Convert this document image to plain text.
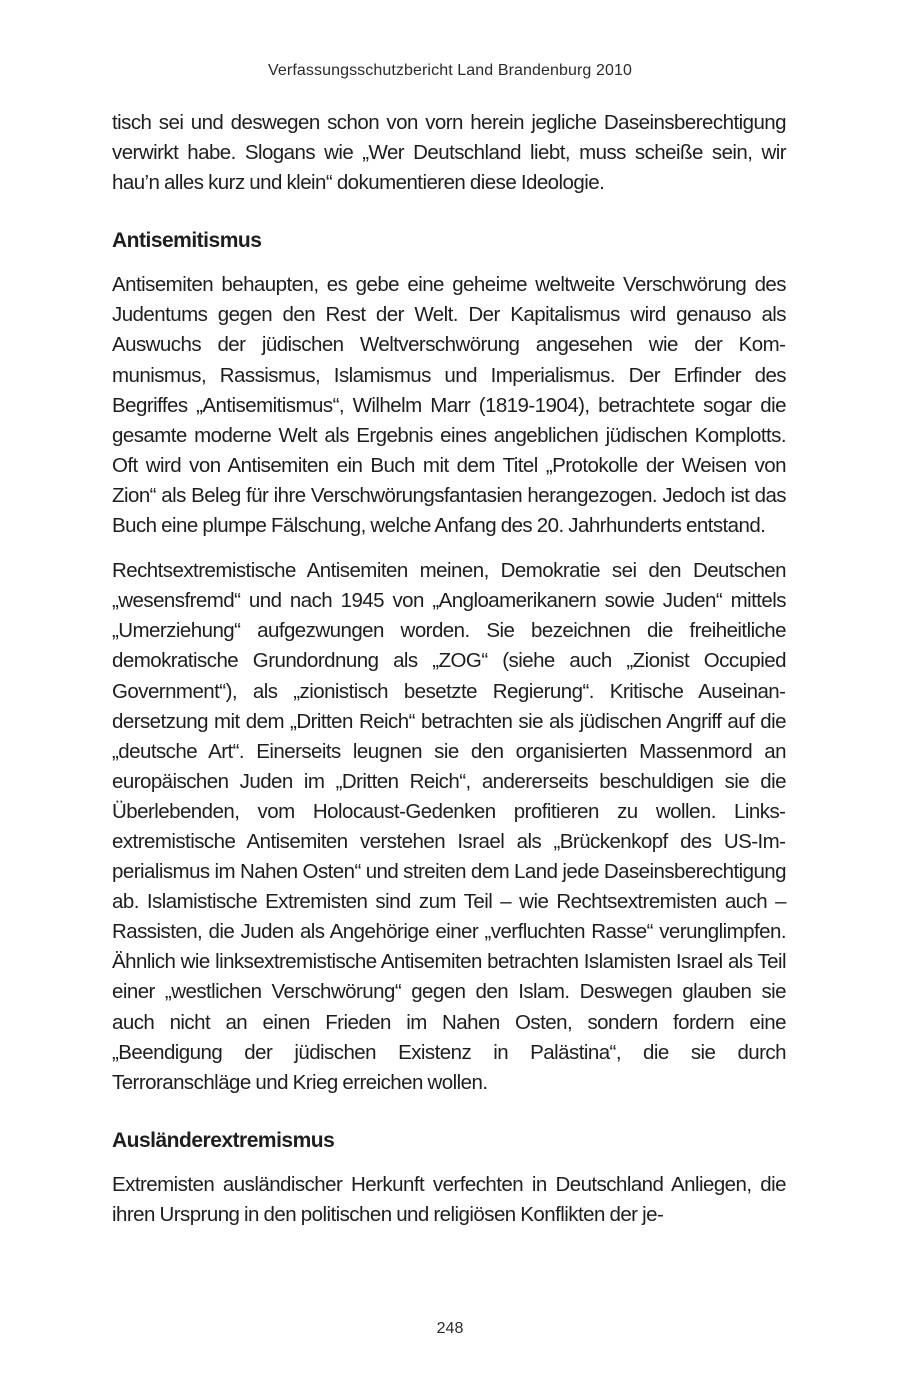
Verfassungsschutzbericht Land Brandenburg 2010

tisch sei und deswegen schon von vorn herein jegliche Daseinsberechtigung verwirkt habe. Slogans wie „Wer Deutschland liebt, muss scheiße sein, wir hau’n alles kurz und klein“ dokumentieren diese Ideologie.

Antisemitismus

Antisemiten behaupten, es gebe eine geheime weltweite Verschwörung des Judentums gegen den Rest der Welt. Der Kapitalismus wird genauso als Auswuchs der jüdischen Weltverschwörung angesehen wie der Kommunismus, Rassismus, Islamismus und Imperialismus. Der Erfinder des Begriffes „Antisemitismus“, Wilhelm Marr (1819-1904), betrachtete sogar die gesamte moderne Welt als Ergebnis eines angeblichen jüdischen Komplotts. Oft wird von Antisemiten ein Buch mit dem Titel „Protokolle der Weisen von Zion“ als Beleg für ihre Verschwörungsfantasien herangezogen. Jedoch ist das Buch eine plumpe Fälschung, welche Anfang des 20. Jahrhunderts entstand.

Rechtsextremistische Antisemiten meinen, Demokratie sei den Deutschen „wesensfremd“ und nach 1945 von „Angloamerikanern sowie Juden“ mittels „Umerziehung“ aufgezwungen worden. Sie bezeichnen die freiheitliche demokratische Grundordnung als „ZOG“ (siehe auch „Zionist Occupied Government“), als „zionistisch besetzte Regierung“. Kritische Auseinandersetzung mit dem „Dritten Reich“ betrachten sie als jüdischen Angriff auf die „deutsche Art“. Einerseits leugnen sie den organisierten Massenmord an europäischen Juden im „Dritten Reich“, andererseits beschuldigen sie die Überlebenden, vom Holocaust-Gedenken profitieren zu wollen. Linksextremistische Antisemiten verstehen Israel als „Brückenkopf des US-Imperialismus im Nahen Osten“ und streiten dem Land jede Daseinsberechtigung ab. Islamistische Extremisten sind zum Teil – wie Rechtsextremisten auch – Rassisten, die Juden als Angehörige einer „verfluchten Rasse“ verunglimpfen. Ähnlich wie linksextremistische Antisemiten betrachten Islamisten Israel als Teil einer „westlichen Verschwörung“ gegen den Islam. Deswegen glauben sie auch nicht an einen Frieden im Nahen Osten, sondern fordern eine „Beendigung der jüdischen Existenz in Palästina“, die sie durch Terroranschläge und Krieg erreichen wollen.

Ausländerextremismus

Extremisten ausländischer Herkunft verfechten in Deutschland Anliegen, die ihren Ursprung in den politischen und religiösen Konflikten der je-

248
